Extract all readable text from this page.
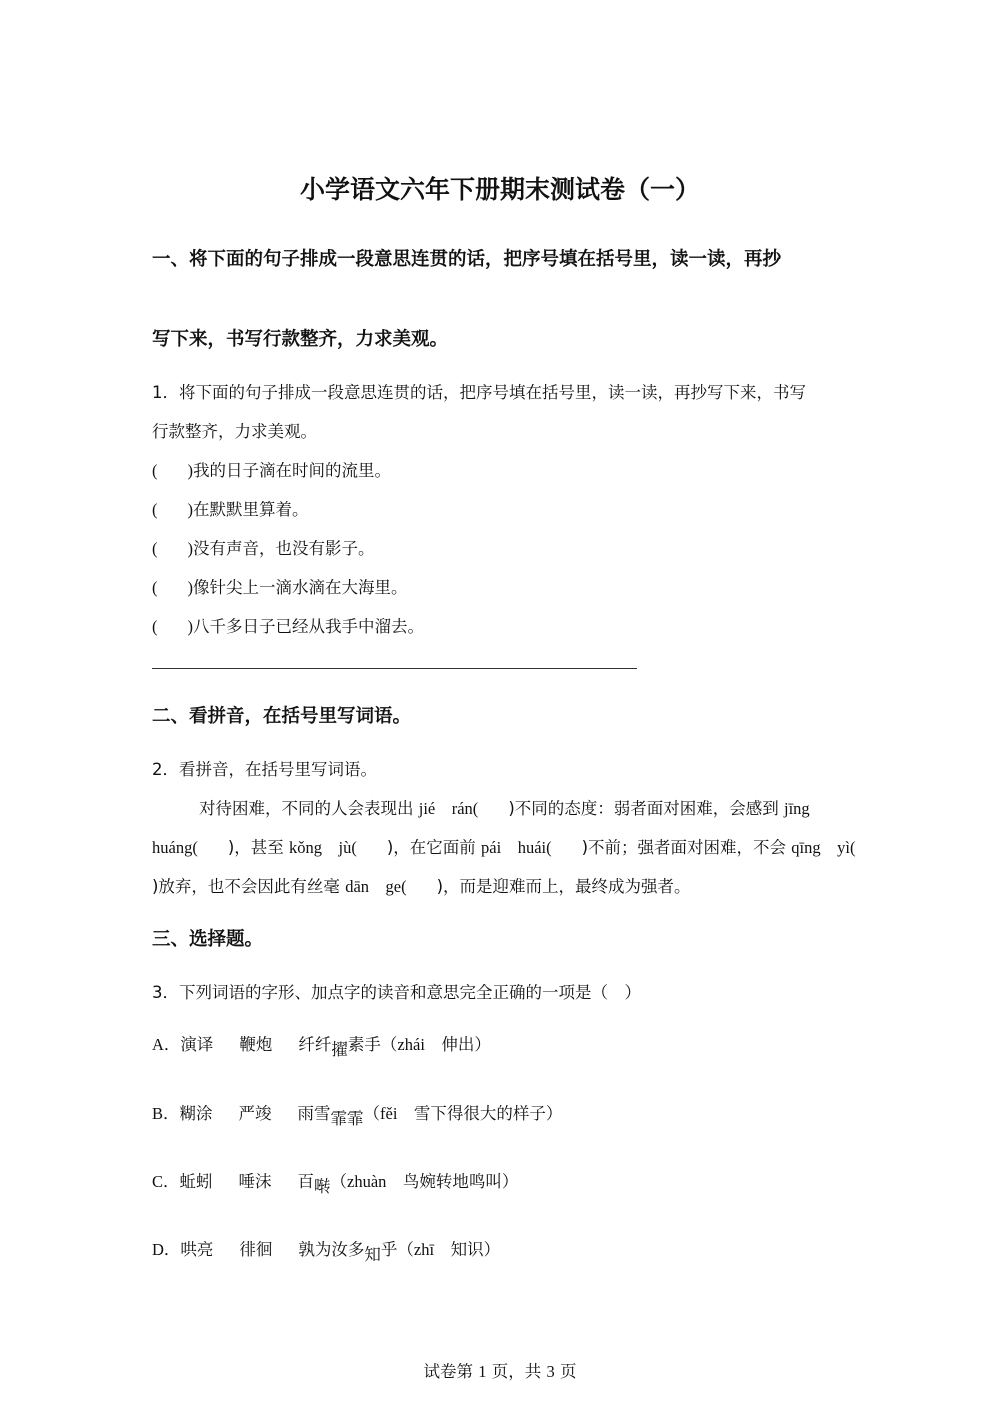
小学语文六年下册期末测试卷（一）
一、将下面的句子排成一段意思连贯的话，把序号填在括号里，读一读，再抄
写下来，书写行款整齐，力求美观。
1．将下面的句子排成一段意思连贯的话，把序号填在括号里，读一读，再抄写下来，书写
行款整齐，力求美观。
( )我的日子滴在时间的流里。
( )在默默里算着。
( )没有声音，也没有影子。
( )像针尖上一滴水滴在大海里。
( )八千多日子已经从我手中溜去。
二、看拼音，在括号里写词语。
2．看拼音，在括号里写词语。
对待困难，不同的人会表现出 jié　rán( )不同的态度：弱者面对困难，会感到 jīng
huáng( )，甚至 kǒng　jù( )，在它面前 pái　huái( )不前；强者面对困难，不会 qīng　yì(
)放弃，也不会因此有丝毫 dān　ge( )，而是迎难而上，最终成为强者。
三、选择题。
3．下列词语的字形、加点字的读音和意思完全正确的一项是（　）
A．演译 鞭炮 纤纤擢素手（zhái　伸出）
B．糊涂 严竣 雨雪霏霏（fěi　雪下得很大的样子）
C．蚯蚓 唾沫 百啭（zhuàn　鸟婉转地鸣叫）
D．哄亮 徘徊 孰为汝多知乎（zhī　知识）
试卷第 1 页，共 3 页
